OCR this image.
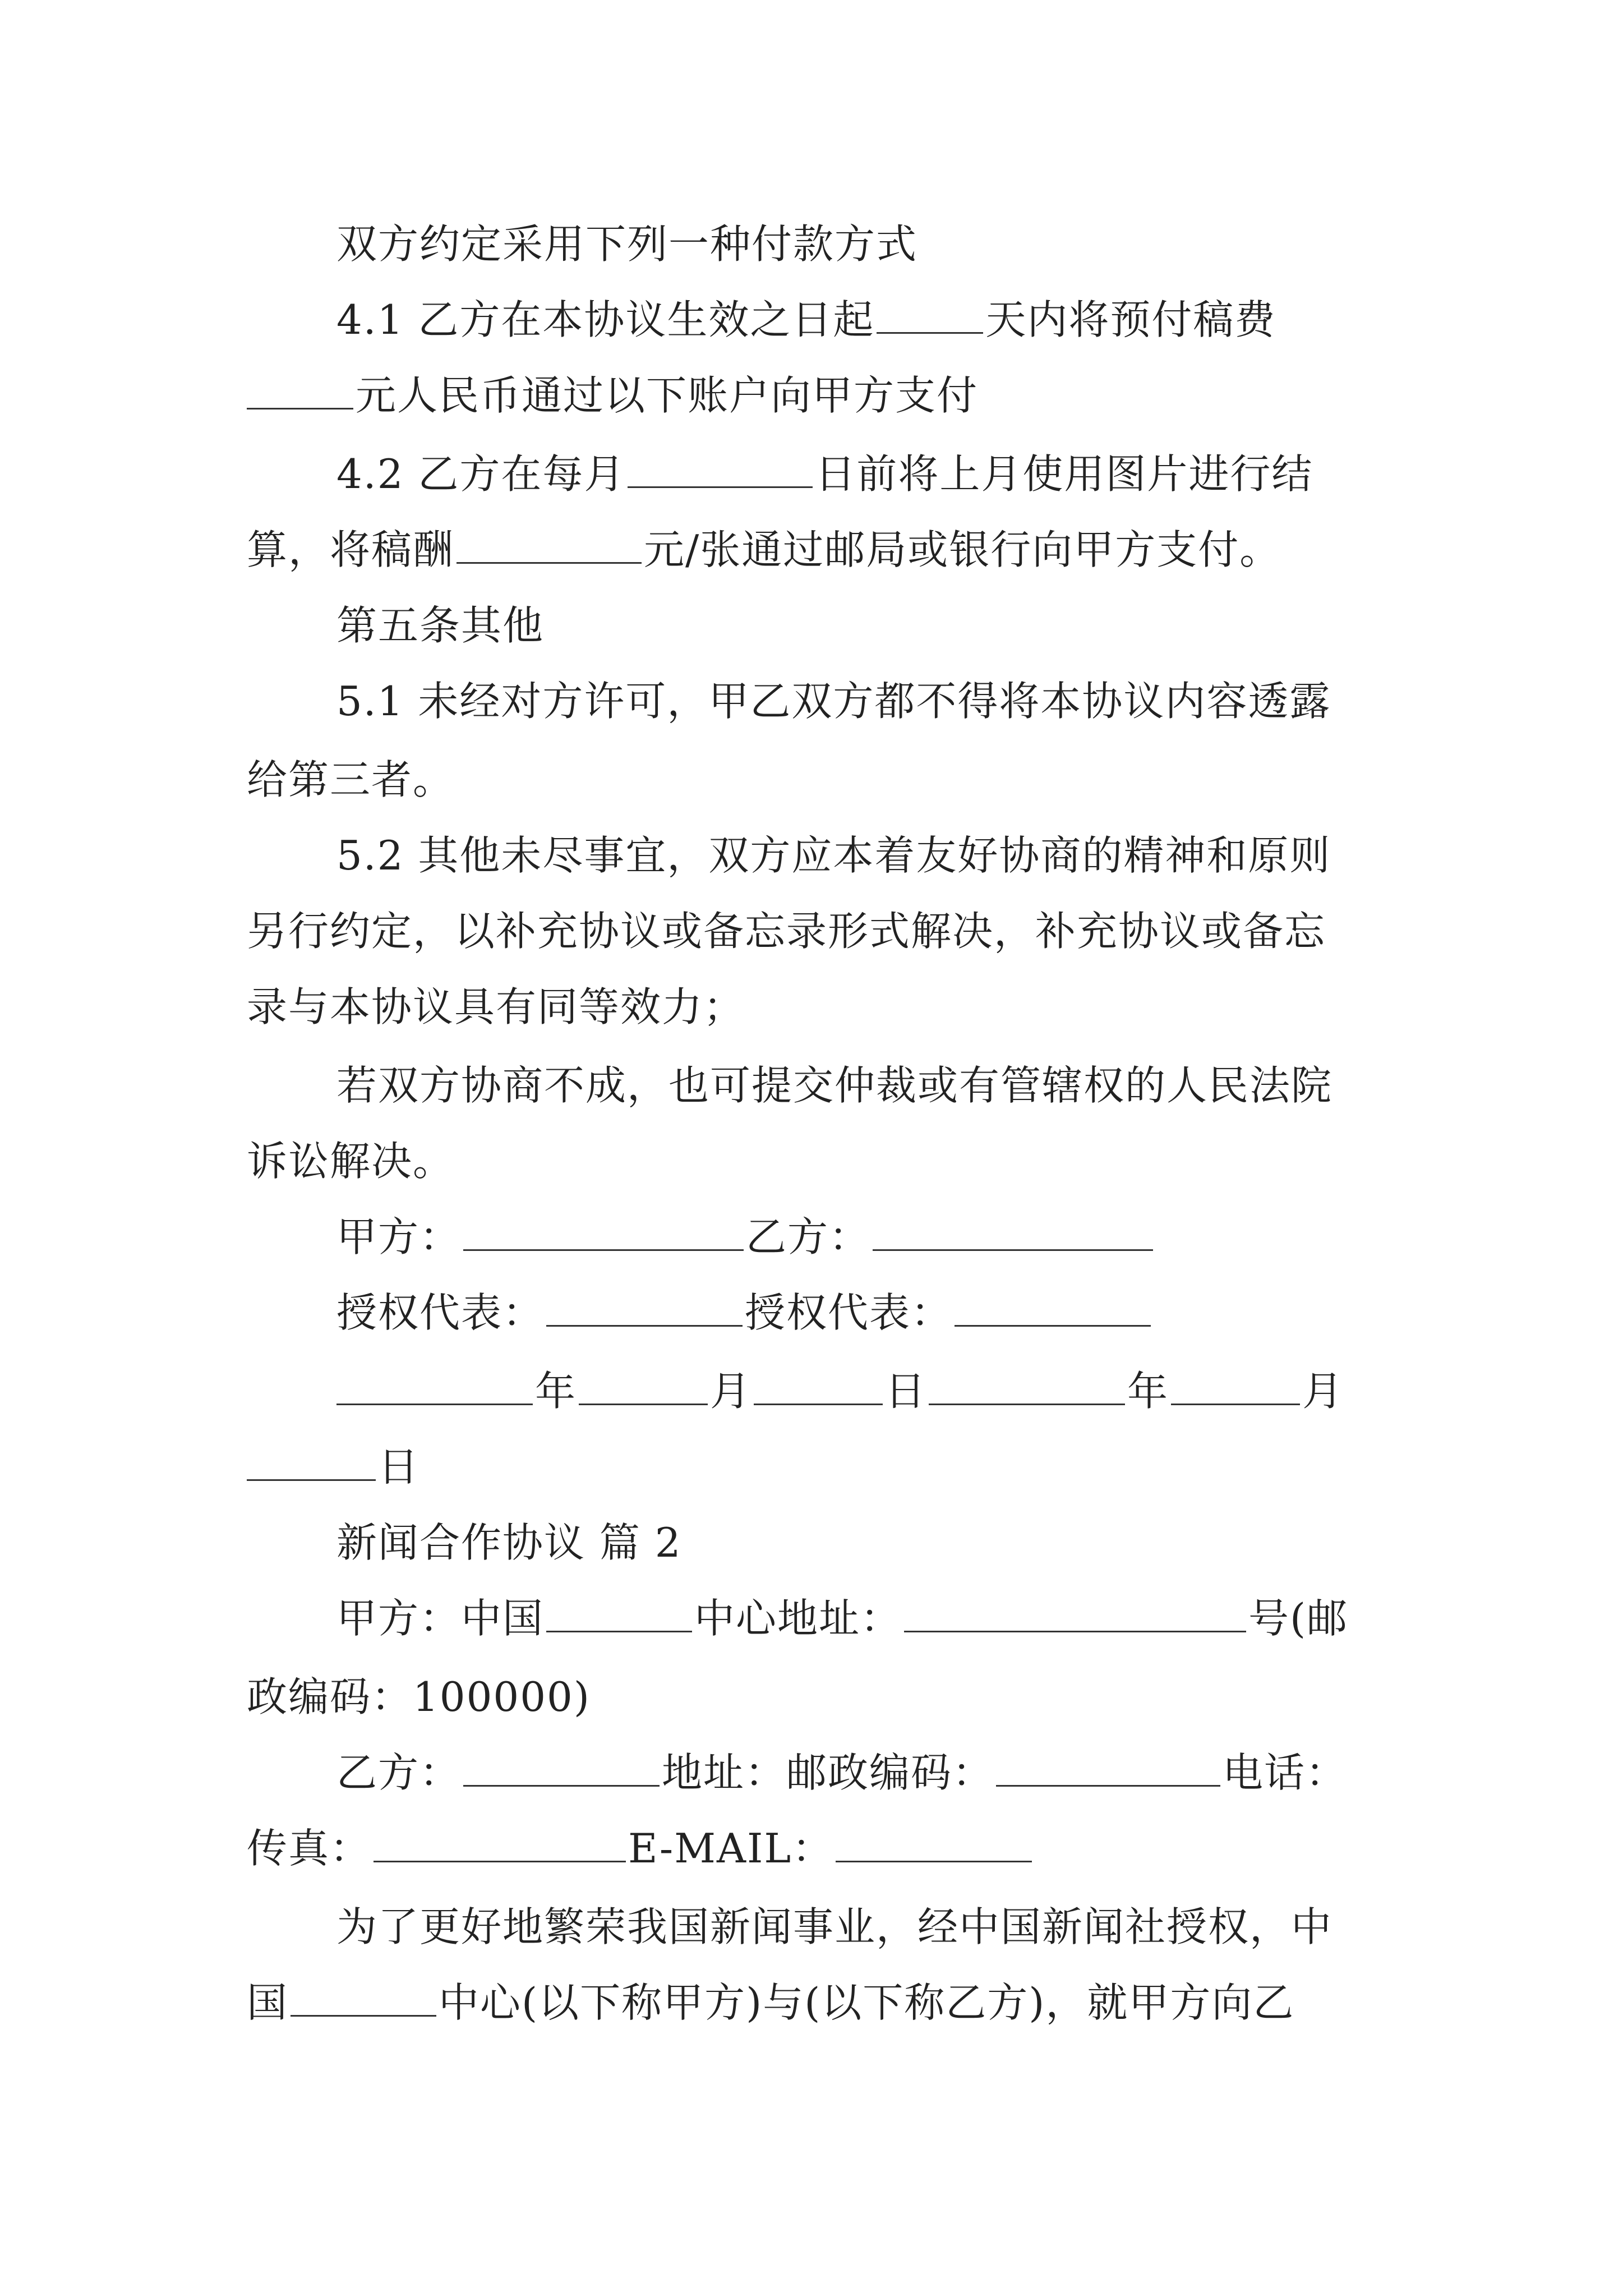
双方约定采用下列一种付款方式
4.1 乙方在本协议生效之日起	天内将预付稿费
元人民币通过以下账户向甲方支付
4.2 乙方在每月	日前将上月使用图片进行结
算，将稿酬	元/张通过邮局或银行向甲方支付。
第五条其他
5.1 未经对方许可，甲乙双方都不得将本协议内容透露
给第三者。
5.2 其他未尽事宜，双方应本着友好协商的精神和原则
另行约定，以补充协议或备忘录形式解决，补充协议或备忘
录与本协议具有同等效力；
若双方协商不成，也可提交仲裁或有管辖权的人民法院
诉讼解决。
甲方：	乙方：
授权代表：	授权代表：
年	月	日	年	月
日
新闻合作协议 篇 2
甲方：中国	中心地址：	号(邮
政编码：100000)
乙方：	地址：邮政编码：	电话：
传真：	E-MAIL：
为了更好地繁荣我国新闻事业，经中国新闻社授权，中
国	中心(以下称甲方)与(以下称乙方)，就甲方向乙
